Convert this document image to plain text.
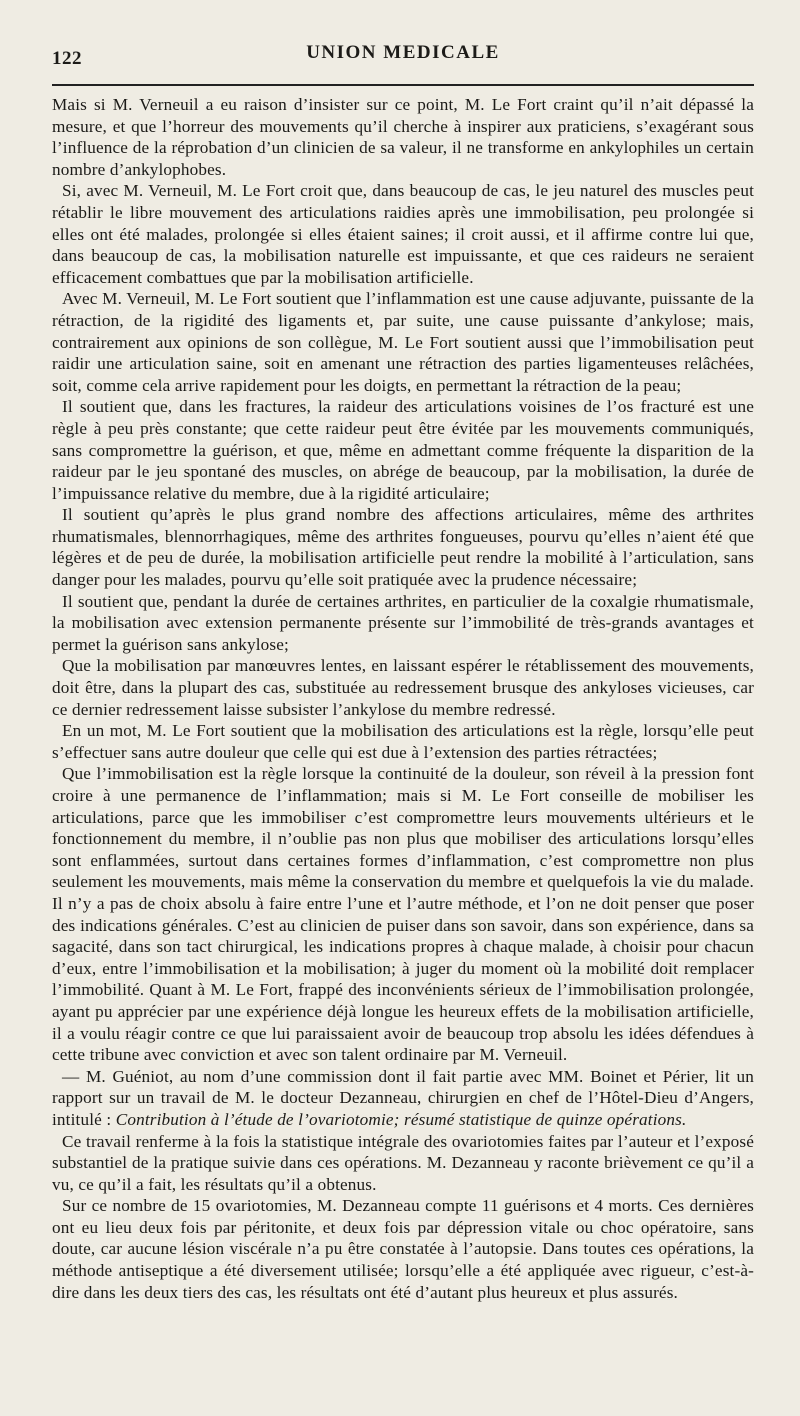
122	UNION MEDICALE

Mais si M. Verneuil a eu raison d’insister sur ce point, M. Le Fort craint qu’il n’ait dépassé la mesure, et que l’horreur des mouvements qu’il cherche à inspirer aux praticiens, s’exagérant sous l’influence de la réprobation d’un clinicien de sa valeur, il ne transforme en ankylophiles un certain nombre d’ankylophobes.

Si, avec M. Verneuil, M. Le Fort croit que, dans beaucoup de cas, le jeu naturel des muscles peut rétablir le libre mouvement des articulations raidies après une immobilisation, peu prolongée si elles ont été malades, prolongée si elles étaient saines; il croit aussi, et il affirme contre lui que, dans beaucoup de cas, la mobilisation naturelle est impuissante, et que ces raideurs ne seraient efficacement combattues que par la mobilisation artificielle.

Avec M. Verneuil, M. Le Fort soutient que l’inflammation est une cause adjuvante, puissante de la rétraction, de la rigidité des ligaments et, par suite, une cause puissante d’ankylose; mais, contrairement aux opinions de son collègue, M. Le Fort soutient aussi que l’immobilisation peut raidir une articulation saine, soit en amenant une rétraction des parties ligamenteuses relâchées, soit, comme cela arrive rapidement pour les doigts, en permettant la rétraction de la peau;

Il soutient que, dans les fractures, la raideur des articulations voisines de l’os fracturé est une règle à peu près constante; que cette raideur peut être évitée par les mouvements communiqués, sans compromettre la guérison, et que, même en admettant comme fréquente la disparition de la raideur par le jeu spontané des muscles, on abrége de beaucoup, par la mobilisation, la durée de l’impuissance relative du membre, due à la rigidité articulaire;

Il soutient qu’après le plus grand nombre des affections articulaires, même des arthrites rhumatismales, blennorrhagiques, même des arthrites fongueuses, pourvu qu’elles n’aient été que légères et de peu de durée, la mobilisation artificielle peut rendre la mobilité à l’articulation, sans danger pour les malades, pourvu qu’elle soit pratiquée avec la prudence nécessaire;

Il soutient que, pendant la durée de certaines arthrites, en particulier de la coxalgie rhumatismale, la mobilisation avec extension permanente présente sur l’immobilité de très-grands avantages et permet la guérison sans ankylose;

Que la mobilisation par manœuvres lentes, en laissant espérer le rétablissement des mouvements, doit être, dans la plupart des cas, substituée au redressement brusque des ankyloses vicieuses, car ce dernier redressement laisse subsister l’ankylose du membre redressé.

En un mot, M. Le Fort soutient que la mobilisation des articulations est la règle, lorsqu’elle peut s’effectuer sans autre douleur que celle qui est due à l’extension des parties rétractées;

Que l’immobilisation est la règle lorsque la continuité de la douleur, son réveil à la pression font croire à une permanence de l’inflammation; mais si M. Le Fort conseille de mobiliser les articulations, parce que les immobiliser c’est compromettre leurs mouvements ultérieurs et le fonctionnement du membre, il n’oublie pas non plus que mobiliser des articulations lorsqu’elles sont enflammées, surtout dans certaines formes d’inflammation, c’est compromettre non plus seulement les mouvements, mais même la conservation du membre et quelquefois la vie du malade. Il n’y a pas de choix absolu à faire entre l’une et l’autre méthode, et l’on ne doit penser que poser des indications générales. C’est au clinicien de puiser dans son savoir, dans son expérience, dans sa sagacité, dans son tact chirurgical, les indications propres à chaque malade, à choisir pour chacun d’eux, entre l’immobilisation et la mobilisation; à juger du moment où la mobilité doit remplacer l’immobilité. Quant à M. Le Fort, frappé des inconvénients sérieux de l’immobilisation prolongée, ayant pu apprécier par une expérience déjà longue les heureux effets de la mobilisation artificielle, il a voulu réagir contre ce que lui paraissaient avoir de beaucoup trop absolu les idées défendues à cette tribune avec conviction et avec son talent ordinaire par M. Verneuil.

— M. Guéniot, au nom d’une commission dont il fait partie avec MM. Boinet et Périer, lit un rapport sur un travail de M. le docteur Dezanneau, chirurgien en chef de l’Hôtel-Dieu d’Angers, intitulé : Contribution à l’étude de l’ovariotomie; résumé statistique de quinze opérations.

Ce travail renferme à la fois la statistique intégrale des ovariotomies faites par l’auteur et l’exposé substantiel de la pratique suivie dans ces opérations. M. Dezanneau y raconte brièvement ce qu’il a vu, ce qu’il a fait, les résultats qu’il a obtenus.

Sur ce nombre de 15 ovariotomies, M. Dezanneau compte 11 guérisons et 4 morts. Ces dernières ont eu lieu deux fois par péritonite, et deux fois par dépression vitale ou choc opératoire, sans doute, car aucune lésion viscérale n’a pu être constatée à l’autopsie. Dans toutes ces opérations, la méthode antiseptique a été diversement utilisée; lorsqu’elle a été appliquée avec rigueur, c’est-à-dire dans les deux tiers des cas, les résultats ont été d’autant plus heureux et plus assurés.
